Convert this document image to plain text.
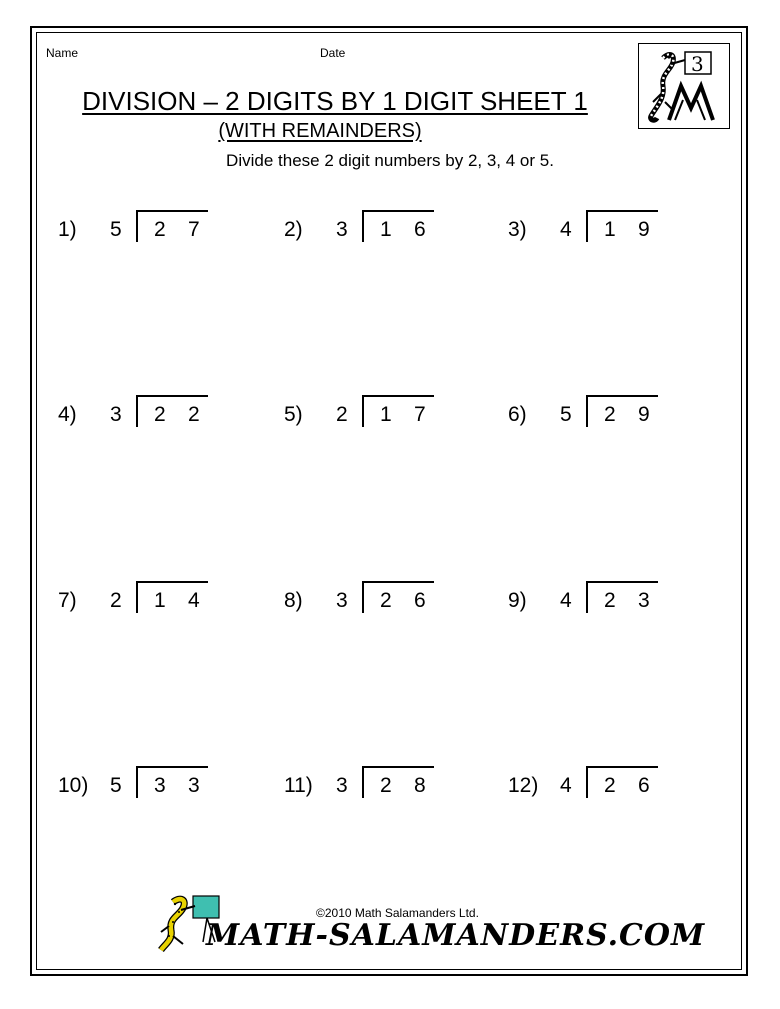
Name	Date
DIVISION – 2 DIGITS BY 1 DIGIT SHEET 1
(WITH REMAINDERS)
Divide these 2 digit numbers by 2, 3, 4 or 5.
3
1) 5 2 7	2) 3 1 6	3) 4 1 9
4) 3 2 2	5) 2 1 7	6) 5 2 9
7) 2 1 4	8) 3 2 6	9) 4 2 3
10) 5 3 3	11) 3 2 8	12) 4 2 6
©2010 Math Salamanders Ltd.
MATH-SALAMANDERS.COM
